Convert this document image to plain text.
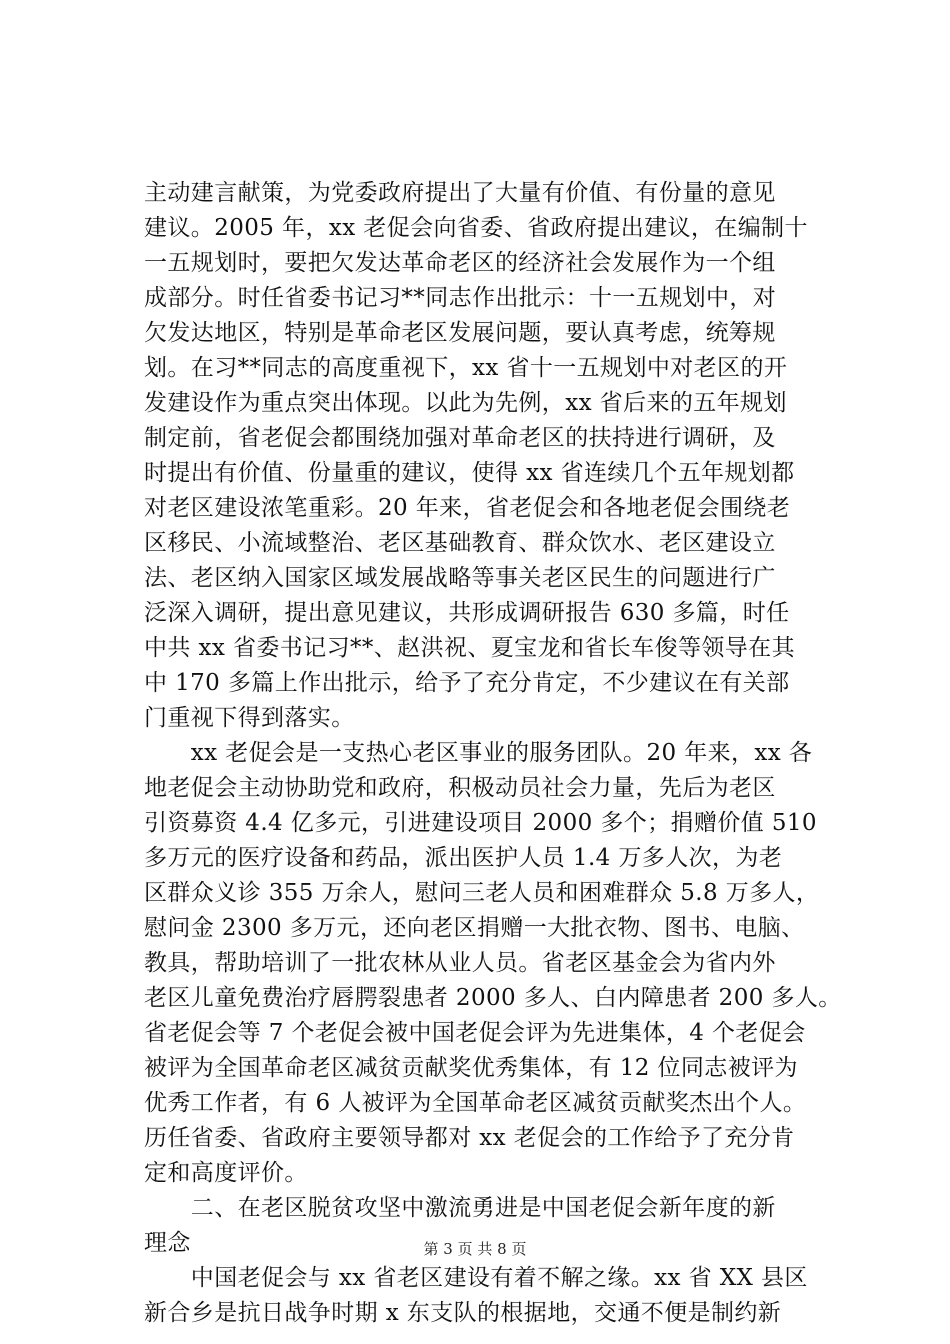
主动建言献策，为党委政府提出了大量有价值、有份量的意见
建议。2005 年，xx 老促会向省委、省政府提出建议，在编制十
一五规划时，要把欠发达革命老区的经济社会发展作为一个组
成部分。时任省委书记习**同志作出批示：十一五规划中，对
欠发达地区，特别是革命老区发展问题，要认真考虑，统筹规
划。在习**同志的高度重视下，xx 省十一五规划中对老区的开
发建设作为重点突出体现。以此为先例，xx 省后来的五年规划
制定前，省老促会都围绕加强对革命老区的扶持进行调研，及
时提出有价值、份量重的建议，使得 xx 省连续几个五年规划都
对老区建设浓笔重彩。20 年来，省老促会和各地老促会围绕老
区移民、小流域整治、老区基础教育、群众饮水、老区建设立
法、老区纳入国家区域发展战略等事关老区民生的问题进行广
泛深入调研，提出意见建议，共形成调研报告 630 多篇，时任
中共 xx 省委书记习**、赵洪祝、夏宝龙和省长车俊等领导在其
中 170 多篇上作出批示，给予了充分肯定，不少建议在有关部
门重视下得到落实。
　　xx 老促会是一支热心老区事业的服务团队。20 年来，xx 各
地老促会主动协助党和政府，积极动员社会力量，先后为老区
引资募资 4.4 亿多元，引进建设项目 2000 多个；捐赠价值 510
多万元的医疗设备和药品，派出医护人员 1.4 万多人次，为老
区群众义诊 355 万余人，慰问三老人员和困难群众 5.8 万多人，
慰问金 2300 多万元，还向老区捐赠一大批衣物、图书、电脑、
教具，帮助培训了一批农林从业人员。省老区基金会为省内外
老区儿童免费治疗唇腭裂患者 2000 多人、白内障患者 200 多人。
省老促会等 7 个老促会被中国老促会评为先进集体，4 个老促会
被评为全国革命老区减贫贡献奖优秀集体，有 12 位同志被评为
优秀工作者，有 6 人被评为全国革命老区减贫贡献奖杰出个人。
历任省委、省政府主要领导都对 xx 老促会的工作给予了充分肯
定和高度评价。
　　二、在老区脱贫攻坚中激流勇进是中国老促会新年度的新
理念
　　中国老促会与 xx 省老区建设有着不解之缘。xx 省 XX 县区
新合乡是抗日战争时期 x 东支队的根据地，交通不便是制约新
第 3 页 共 8 页
